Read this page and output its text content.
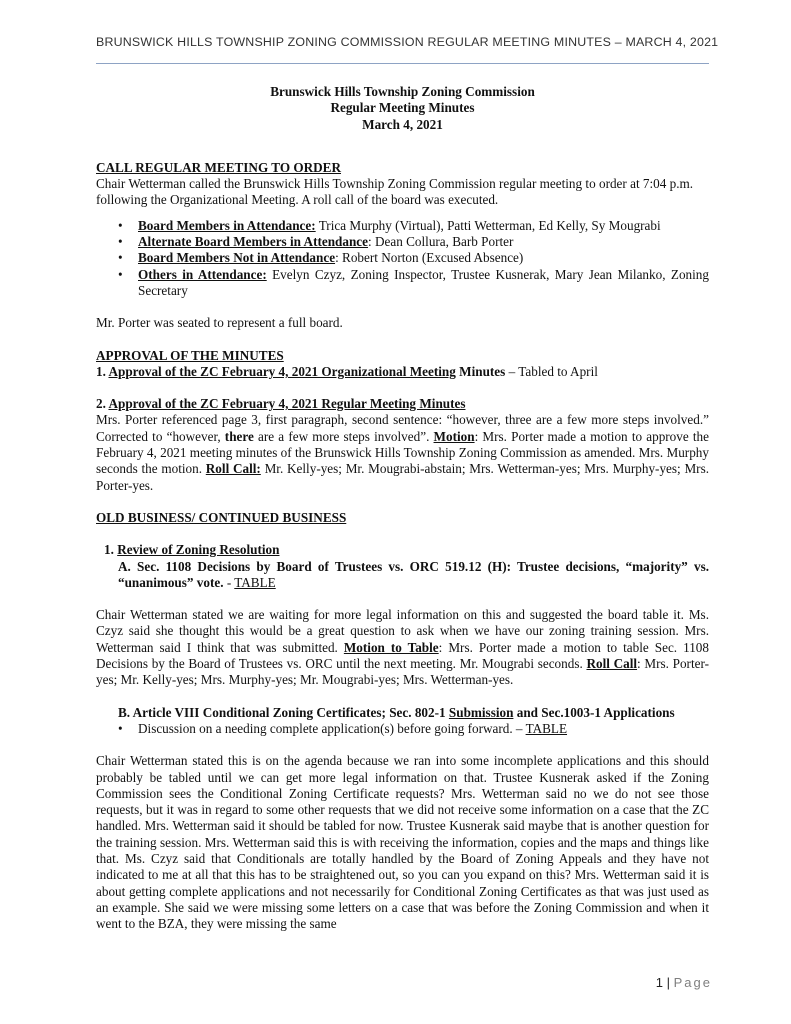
BRUNSWICK HILLS TOWNSHIP ZONING COMMISSION REGULAR MEETING MINUTES – MARCH 4, 2021
Brunswick Hills Township Zoning Commission
Regular Meeting Minutes
March 4, 2021

CALL REGULAR MEETING TO ORDER

Chair Wetterman called the Brunswick Hills Township Zoning Commission regular meeting to order at 7:04 p.m. following the Organizational Meeting. A roll call of the board was executed.

• Board Members in Attendance: Trica Murphy (Virtual), Patti Wetterman, Ed Kelly, Sy Mougrabi
• Alternate Board Members in Attendance: Dean Collura, Barb Porter
• Board Members Not in Attendance: Robert Norton (Excused Absence)
• Others in Attendance: Evelyn Czyz, Zoning Inspector, Trustee Kusnerak, Mary Jean Milanko, Zoning Secretary

Mr. Porter was seated to represent a full board.

APPROVAL OF THE MINUTES

1. Approval of the ZC February 4, 2021 Organizational Meeting Minutes – Tabled to April

2. Approval of the ZC February 4, 2021 Regular Meeting Minutes

Mrs. Porter referenced page 3, first paragraph, second sentence: “however, three are a few more steps involved.” Corrected to “however, there are a few more steps involved”. Motion: Mrs. Porter made a motion to approve the February 4, 2021 meeting minutes of the Brunswick Hills Township Zoning Commission as amended. Mrs. Murphy seconds the motion. Roll Call: Mr. Kelly-yes; Mr. Mougrabi-abstain; Mrs. Wetterman-yes; Mrs. Murphy-yes; Mrs. Porter-yes.

OLD BUSINESS/ CONTINUED BUSINESS

1. Review of Zoning Resolution

A. Sec. 1108 Decisions by Board of Trustees vs. ORC 519.12 (H): Trustee decisions, “majority” vs. “unanimous” vote. - TABLE

Chair Wetterman stated we are waiting for more legal information on this and suggested the board table it. Ms. Czyz said she thought this would be a great question to ask when we have our zoning training session. Mrs. Wetterman said I think that was submitted. Motion to Table: Mrs. Porter made a motion to table Sec. 1108 Decisions by the Board of Trustees vs. ORC until the next meeting. Mr. Mougrabi seconds. Roll Call: Mrs. Porter-yes; Mr. Kelly-yes; Mrs. Murphy-yes; Mr. Mougrabi-yes; Mrs. Wetterman-yes.

B. Article VIII Conditional Zoning Certificates; Sec. 802-1 Submission and Sec.1003-1 Applications

• Discussion on a needing complete application(s) before going forward. – TABLE

Chair Wetterman stated this is on the agenda because we ran into some incomplete applications and this should probably be tabled until we can get more legal information on that. Trustee Kusnerak asked if the Zoning Commission sees the Conditional Zoning Certificate requests? Mrs. Wetterman said no we do not see those requests, but it was in regard to some other requests that we did not receive some information on a case that the ZC handled. Mrs. Wetterman said it should be tabled for now. Trustee Kusnerak said maybe that is another question for the training session. Mrs. Wetterman said this is with receiving the information, copies and the maps and things like that. Ms. Czyz said that Conditionals are totally handled by the Board of Zoning Appeals and they have not indicated to me at all that this has to be straightened out, so you can you expand on this? Mrs. Wetterman said it is about getting complete applications and not necessarily for Conditional Zoning Certificates as that was just used as an example. She said we were missing some letters on a case that was before the Zoning Commission and when it went to the BZA, they were missing the same

1 | Page
